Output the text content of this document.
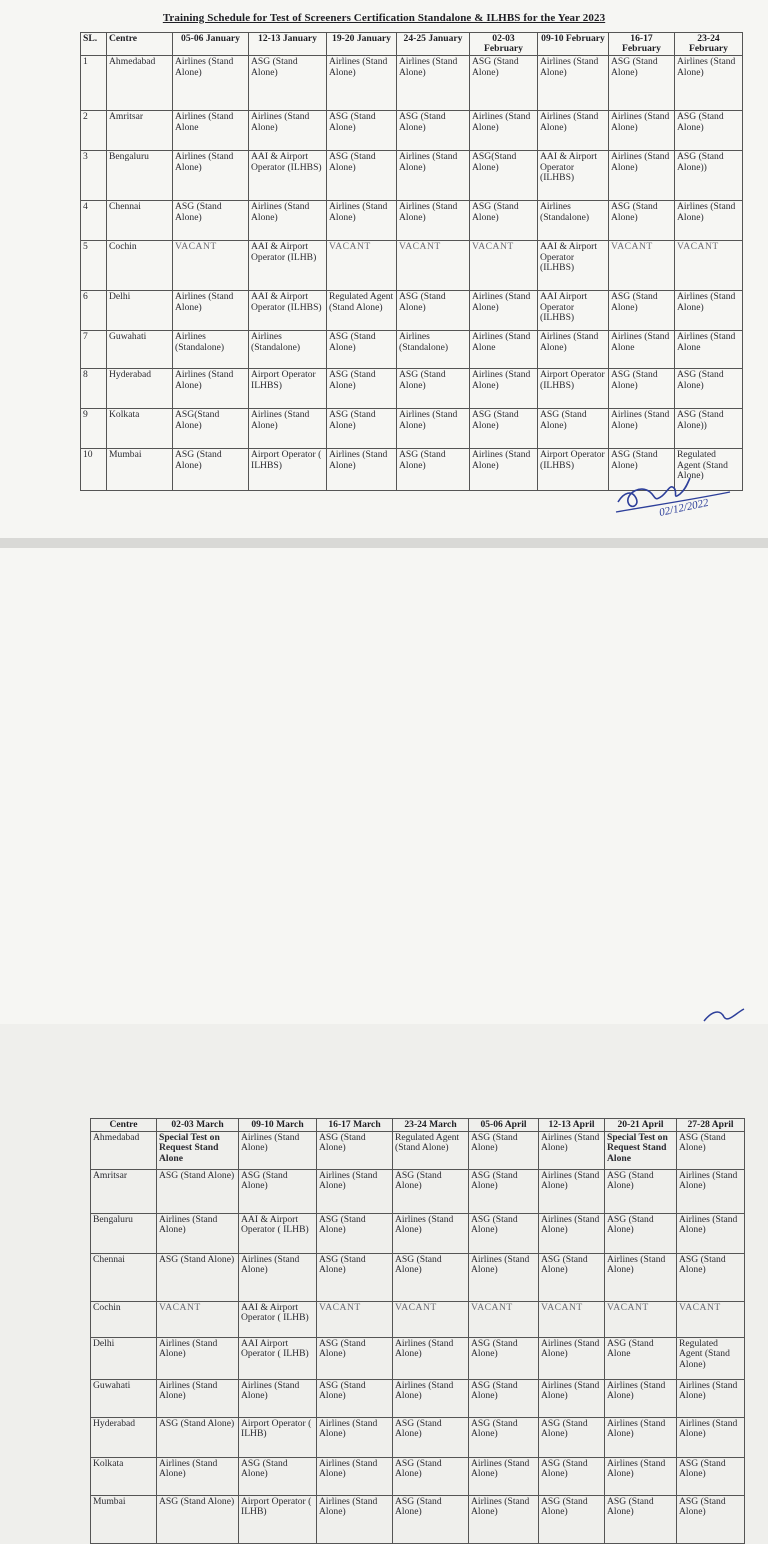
Training Schedule for Test of Screeners Certification Standalone & ILHBS for the Year 2023
SL.	Centre	05-06 January	12-13 January	19-20 January	24-25 January	02-03 February	09-10 February	16-17 February	23-24 February
1	Ahmedabad	Airlines (Stand Alone)	ASG (Stand Alone)	Airlines (Stand Alone)	Airlines (Stand Alone)	ASG (Stand Alone)	Airlines (Stand Alone)	ASG (Stand Alone)	Airlines (Stand Alone)
2	Amritsar	Airlines (Stand Alone	Airlines (Stand Alone)	ASG (Stand Alone)	ASG (Stand Alone)	Airlines (Stand Alone)	Airlines (Stand Alone)	Airlines (Stand Alone)	ASG (Stand Alone)
3	Bengaluru	Airlines (Stand Alone)	AAI & Airport Operator (ILHBS)	ASG (Stand Alone)	Airlines (Stand Alone)	ASG(Stand Alone)	AAI & Airport Operator (ILHBS)	Airlines (Stand Alone)	ASG (Stand Alone))
4	Chennai	ASG (Stand Alone)	Airlines (Stand Alone)	Airlines (Stand Alone)	Airlines (Stand Alone)	ASG (Stand Alone)	Airlines (Standalone)	ASG (Stand Alone)	Airlines (Stand Alone)
5	Cochin	VACANT	AAI & Airport Operator (ILHB)	VACANT	VACANT	VACANT	AAI & Airport Operator (ILHBS)	VACANT	VACANT
6	Delhi	Airlines (Stand Alone)	AAI & Airport Operator (ILHBS)	Regulated Agent (Stand Alone)	ASG (Stand Alone)	Airlines (Stand Alone)	AAI Airport Operator (ILHBS)	ASG (Stand Alone)	Airlines (Stand Alone)
7	Guwahati	Airlines (Standalone)	Airlines (Standalone)	ASG (Stand Alone)	Airlines (Standalone)	Airlines (Stand Alone	Airlines (Stand Alone)	Airlines (Stand Alone	Airlines (Stand Alone
8	Hyderabad	Airlines (Stand Alone)	Airport Operator ILHBS)	ASG (Stand Alone)	ASG (Stand Alone)	Airlines (Stand Alone)	Airport Operator (ILHBS)	ASG (Stand Alone)	ASG (Stand Alone)
9	Kolkata	ASG(Stand Alone)	Airlines (Stand Alone)	ASG (Stand Alone)	Airlines (Stand Alone)	ASG (Stand Alone)	ASG (Stand Alone)	Airlines (Stand Alone)	ASG (Stand Alone))
10	Mumbai	ASG (Stand Alone)	Airport Operator ( ILHBS)	Airlines (Stand Alone)	ASG (Stand Alone)	Airlines (Stand Alone)	Airport Operator (ILHBS)	ASG (Stand Alone)	Regulated Agent (Stand Alone)
02/12/2022
Centre	02-03 March	09-10 March	16-17 March	23-24 March	05-06 April	12-13 April	20-21 April	27-28 April
Ahmedabad	Special Test on Request Stand Alone	Airlines (Stand Alone)	ASG (Stand Alone)	Regulated Agent (Stand Alone)	ASG (Stand Alone)	Airlines (Stand Alone)	Special Test on Request Stand Alone	ASG (Stand Alone)
Amritsar	ASG (Stand Alone)	ASG (Stand Alone)	Airlines (Stand Alone)	ASG (Stand Alone)	ASG (Stand Alone)	Airlines (Stand Alone)	ASG (Stand Alone)	Airlines (Stand Alone)
Bengaluru	Airlines (Stand Alone)	AAI & Airport Operator ( ILHB)	ASG (Stand Alone)	Airlines (Stand Alone)	ASG (Stand Alone)	Airlines (Stand Alone)	ASG (Stand Alone)	Airlines (Stand Alone)
Chennai	ASG (Stand Alone)	Airlines (Stand Alone)	ASG (Stand Alone)	ASG (Stand Alone)	Airlines (Stand Alone)	ASG (Stand Alone)	Airlines (Stand Alone)	ASG (Stand Alone)
Cochin	VACANT	AAI & Airport Operator ( ILHB)	VACANT	VACANT	VACANT	VACANT	VACANT	VACANT
Delhi	Airlines (Stand Alone)	AAI Airport Operator ( ILHB)	ASG (Stand Alone)	Airlines (Stand Alone)	ASG (Stand Alone)	Airlines (Stand Alone)	ASG (Stand Alone	Regulated Agent (Stand Alone)
Guwahati	Airlines (Stand Alone)	Airlines (Stand Alone)	ASG (Stand Alone)	Airlines (Stand Alone)	ASG (Stand Alone)	Airlines (Stand Alone)	Airlines (Stand Alone)	Airlines (Stand Alone)
Hyderabad	ASG (Stand Alone)	Airport Operator ( ILHB)	Airlines (Stand Alone)	ASG (Stand Alone)	ASG (Stand Alone)	ASG (Stand Alone)	Airlines (Stand Alone)	Airlines (Stand Alone)
Kolkata	Airlines (Stand Alone)	ASG (Stand Alone)	Airlines (Stand Alone)	ASG (Stand Alone)	Airlines (Stand Alone)	ASG (Stand Alone)	Airlines (Stand Alone)	ASG (Stand Alone)
Mumbai	ASG (Stand Alone)	Airport Operator ( ILHB)	Airlines (Stand Alone)	ASG (Stand Alone)	Airlines (Stand Alone)	ASG (Stand Alone)	ASG (Stand Alone)	ASG (Stand Alone)
